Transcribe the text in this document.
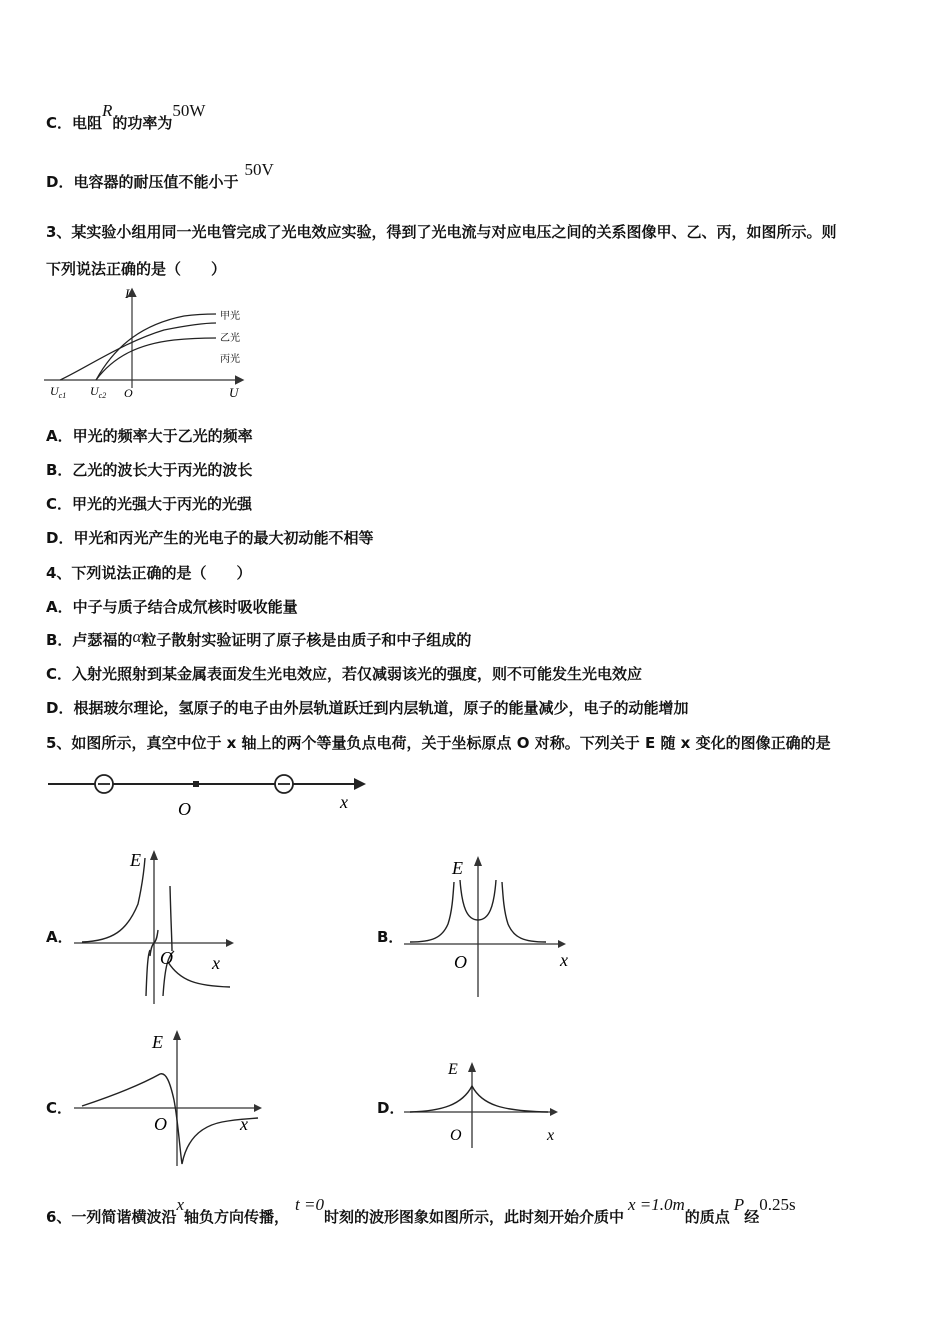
C．电阻R的功率为50W
D．电容器的耐压值不能小于50V
3、某实验小组用同一光电管完成了光电效应实验，得到了光电流与对应电压之间的关系图像甲、乙、丙，如图所示。则
下列说法正确的是（　　）
I
U
O
$U_{c1}$ $U_{c2}$
甲光
乙光
丙光
A．甲光的频率大于乙光的频率
B．乙光的波长大于丙光的波长
C．甲光的光强大于丙光的光强
D．甲光和丙光产生的光电子的最大初动能不相等
4、下列说法正确的是（　　）
A．中子与质子结合成氘核时吸收能量
B．卢瑟福的α粒子散射实验证明了原子核是由质子和中子组成的
C．入射光照射到某金属表面发生光电效应，若仅减弱该光的强度，则不可能发生光电效应
D．根据玻尔理论，氢原子的电子由外层轨道跃迁到内层轨道，原子的能量减少，电子的动能增加
5、如图所示，真空中位于 x 轴上的两个等量负点电荷，关于坐标原点 O 对称。下列关于 E 随 x 变化的图像正确的是
O	x
A．
E
O x
B．
E
O	x
C．
E
O	x
D．
E
O	x
6、一列简谐横波沿x轴负方向传播，t =0时刻的波形图象如图所示，此时刻开始介质中x =1.0m的质点P经0.25s
